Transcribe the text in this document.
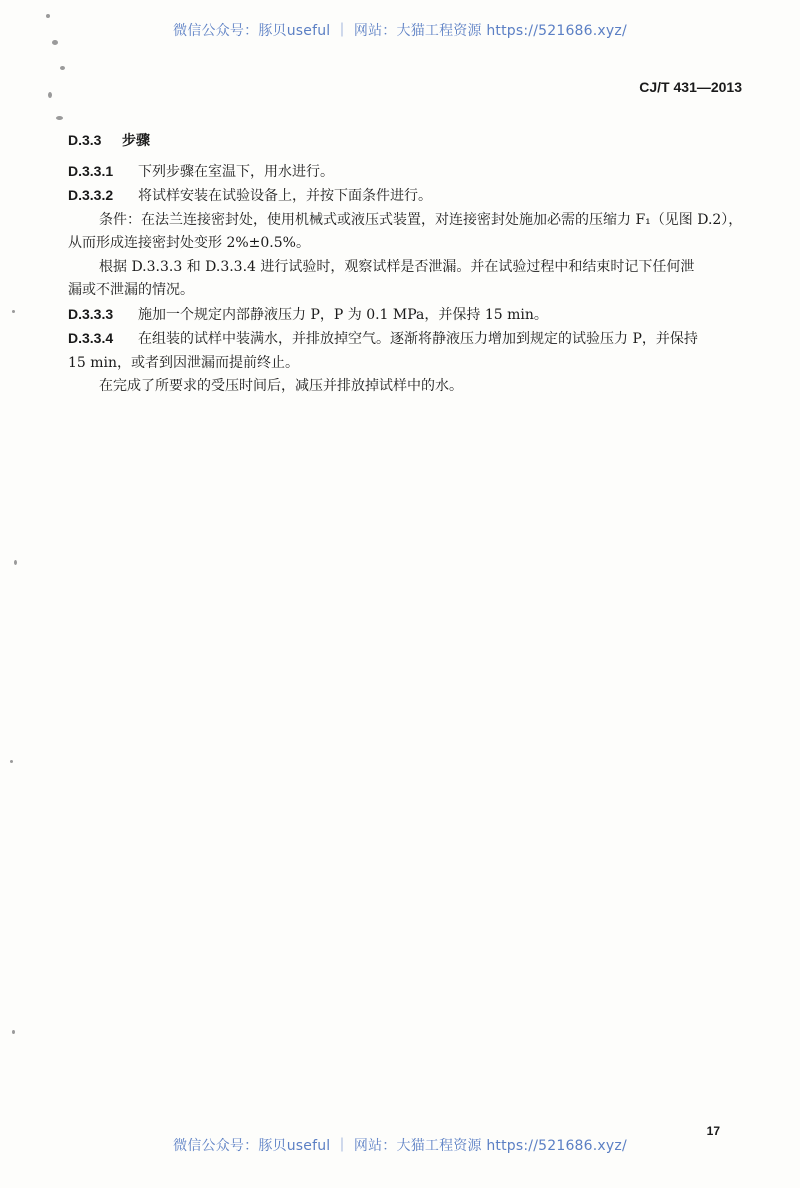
微信公众号：豚贝useful ｜ 网站：大猫工程资源 https://521686.xyz/
CJ/T 431—2013
D.3.3 步骤
D.3.3.1 下列步骤在室温下，用水进行。
D.3.3.2 将试样安装在试验设备上，并按下面条件进行。
条件：在法兰连接密封处，使用机械式或液压式装置，对连接密封处施加必需的压缩力 F₁（见图 D.2），
从而形成连接密封处变形 2%±0.5%。
根据 D.3.3.3 和 D.3.3.4 进行试验时，观察试样是否泄漏。并在试验过程中和结束时记下任何泄
漏或不泄漏的情况。
D.3.3.3 施加一个规定内部静液压力 P，P 为 0.1 MPa，并保持 15 min。
D.3.3.4 在组装的试样中装满水，并排放掉空气。逐渐将静液压力增加到规定的试验压力 P，并保持
15 min，或者到因泄漏而提前终止。
在完成了所要求的受压时间后，减压并排放掉试样中的水。
17
微信公众号：豚贝useful ｜ 网站：大猫工程资源 https://521686.xyz/
